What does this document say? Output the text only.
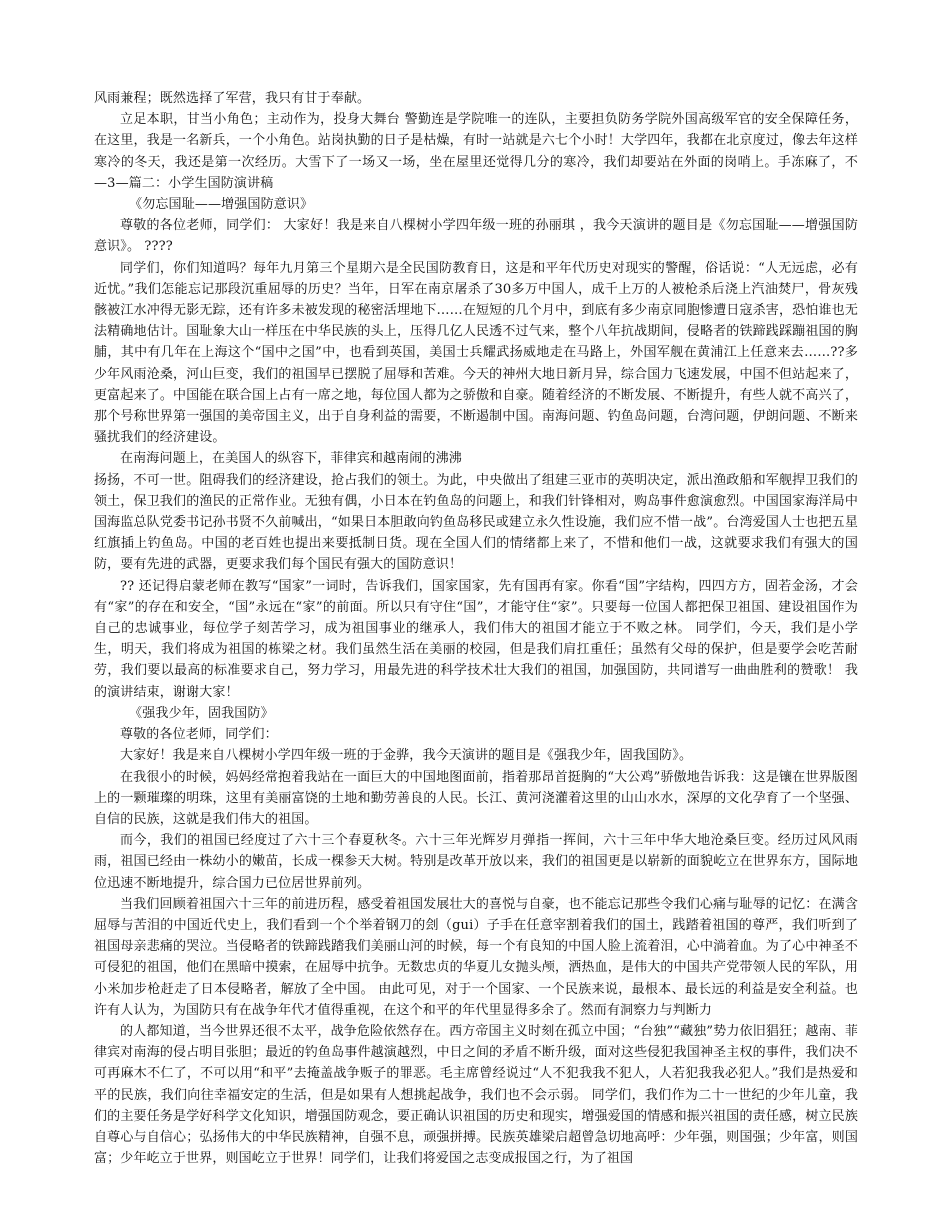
风雨兼程；既然选择了军营，我只有甘于奉献。

立足本职，甘当小角色；主动作为，投身大舞台 警勤连是学院唯一的连队，主要担负防务学院外国高级军官的安全保障任务，在这里，我是一名新兵，一个小角色。站岗执勤的日子是枯燥，有时一站就是六七个小时！大学四年，我都在北京度过，像去年这样寒冷的冬天，我还是第一次经历。大雪下了一场又一场，坐在屋里还觉得几分的寒冷，我们却要站在外面的岗哨上。手冻麻了，不 —3—篇二：小学生国防演讲稿

《勿忘国耻——增强国防意识》

尊敬的各位老师，同学们： 大家好！我是来自八棵树小学四年级一班的孙丽琪 ，我今天演讲的题目是《勿忘国耻——增强国防意识》。 ????

同学们，你们知道吗？每年九月第三个星期六是全民国防教育日，这是和平年代历史对现实的警醒，俗话说：“人无远虑，必有近忧。”我们怎能忘记那段沉重屈辱的历史？当年，日军在南京屠杀了30多万中国人，成千上万的人被枪杀后浇上汽油焚尸，骨灰残骸被江水冲得无影无踪，还有许多未被发现的秘密活埋地下……在短短的几个月中，到底有多少南京同胞惨遭日寇杀害，恐怕谁也无法精确地估计。国耻象大山一样压在中华民族的头上，压得几亿人民透不过气来，整个八年抗战期间，侵略者的铁蹄践踩蹦祖国的胸脯，其中有几年在上海这个“国中之国”中，也看到英国，美国士兵耀武扬威地走在马路上，外国军舰在黄浦江上任意来去……??多少年风雨沧桑，河山巨变，我们的祖国早已摆脱了屈辱和苦难。今天的神州大地日新月异，综合国力飞速发展，中国不但站起来了，更富起来了。中国能在联合国上占有一席之地，每位国人都为之骄傲和自豪。随着经济的不断发展、不断提升，有些人就不高兴了，那个号称世界第一强国的美帝国主义，出于自身利益的需要，不断遏制中国。南海问题、钓鱼岛问题，台湾问题，伊朗问题、不断来骚扰我们的经济建设。

在南海问题上，在美国人的纵容下，菲律宾和越南闹的沸沸

扬扬，不可一世。阻碍我们的经济建设，抢占我们的领土。为此，中央做出了组建三亚市的英明决定，派出渔政船和军舰捍卫我们的领土，保卫我们的渔民的正常作业。无独有偶，小日本在钓鱼岛的问题上，和我们针锋相对，购岛事件愈演愈烈。中国国家海洋局中国海监总队党委书记孙书贤不久前喊出，“如果日本胆敢向钓鱼岛移民或建立永久性设施，我们应不惜一战”。台湾爱国人士也把五星红旗插上钓鱼岛。中国的老百姓也提出来要抵制日货。现在全国人们的情绪都上来了，不惜和他们一战，这就要求我们有强大的国防，要有先进的武器，更要求我们每个国民有强大的国防意识！

?? 还记得启蒙老师在教写“国家”一词时，告诉我们，国家国家，先有国再有家。你看“国”字结构，四四方方，固若金汤，才会有“家”的存在和安全，“国”永远在“家”的前面。所以只有守住“国”，才能守住“家”。只要每一位国人都把保卫祖国、建设祖国作为自己的忠诚事业，每位学子刻苦学习，成为祖国事业的继承人，我们伟大的祖国才能立于不败之林。 同学们，今天，我们是小学生，明天，我们将成为祖国的栋梁之材。我们虽然生活在美丽的校园，但是我们肩扛重任；虽然有父母的保护，但是要学会吃苦耐劳，我们要以最高的标准要求自己，努力学习，用最先进的科学技术壮大我们的祖国，加强国防，共同谱写一曲曲胜利的赞歌！ 我的演讲结束，谢谢大家！

《强我少年，固我国防》

尊敬的各位老师，同学们：

大家好！我是来自八棵树小学四年级一班的于金骅，我今天演讲的题目是《强我少年，固我国防》。

在我很小的时候，妈妈经常抱着我站在一面巨大的中国地图面前，指着那昂首挺胸的“大公鸡”骄傲地告诉我：这是镶在世界版图上的一颗璀璨的明珠，这里有美丽富饶的土地和勤劳善良的人民。长江、黄河浇灌着这里的山山水水，深厚的文化孕育了一个坚强、自信的民族，这就是我们伟大的祖国。

而今，我们的祖国已经度过了六十三个春夏秋冬。六十三年光辉岁月弹指一挥间，六十三年中华大地沧桑巨变。经历过风风雨雨，祖国已经由一株幼小的嫩苗，长成一棵参天大树。特别是改革开放以来，我们的祖国更是以崭新的面貌屹立在世界东方，国际地位迅速不断地提升，综合国力已位居世界前列。

当我们回顾着祖国六十三年的前进历程，感受着祖国发展壮大的喜悦与自豪，也不能忘记那些令我们心痛与耻辱的记忆：在满含屈辱与苦泪的中国近代史上，我们看到一个个举着钢刀的刽（gui）子手在任意宰割着我们的国土，践踏着祖国的尊严，我们听到了祖国母亲悲痛的哭泣。当侵略者的铁蹄践踏我们美丽山河的时候，每一个有良知的中国人脸上流着泪，心中淌着血。为了心中神圣不可侵犯的祖国，他们在黑暗中摸索，在屈辱中抗争。无数忠贞的华夏儿女抛头颅，洒热血，是伟大的中国共产党带领人民的军队，用小米加步枪赶走了日本侵略者，解放了全中国。 由此可见，对于一个国家、一个民族来说，最根本、最长远的利益是安全利益。也许有人认为，为国防只有在战争年代才值得重视，在这个和平的年代里显得多余了。然而有洞察力与判断力

的人都知道，当今世界还很不太平，战争危险依然存在。西方帝国主义时刻在孤立中国；“台独”“藏独”势力依旧猖狂；越南、菲律宾对南海的侵占明目张胆；最近的钓鱼岛事件越演越烈，中日之间的矛盾不断升级，面对这些侵犯我国神圣主权的事件，我们决不可再麻木不仁了，不可以用“和平”去掩盖战争贩子的罪恶。毛主席曾经说过“人不犯我我不犯人，人若犯我我必犯人。”我们是热爱和平的民族，我们向往幸福安定的生活，但是如果有人想挑起战争，我们也不会示弱。 同学们，我们作为二十一世纪的少年儿童，我们的主要任务是学好科学文化知识，增强国防观念，要正确认识祖国的历史和现实，增强爱国的情感和振兴祖国的责任感，树立民族自尊心与自信心；弘扬伟大的中华民族精神，自强不息，顽强拼搏。民族英雄梁启超曾急切地高呼：少年强，则国强；少年富，则国富；少年屹立于世界，则国屹立于世界！同学们，让我们将爱国之志变成报国之行，为了祖国
